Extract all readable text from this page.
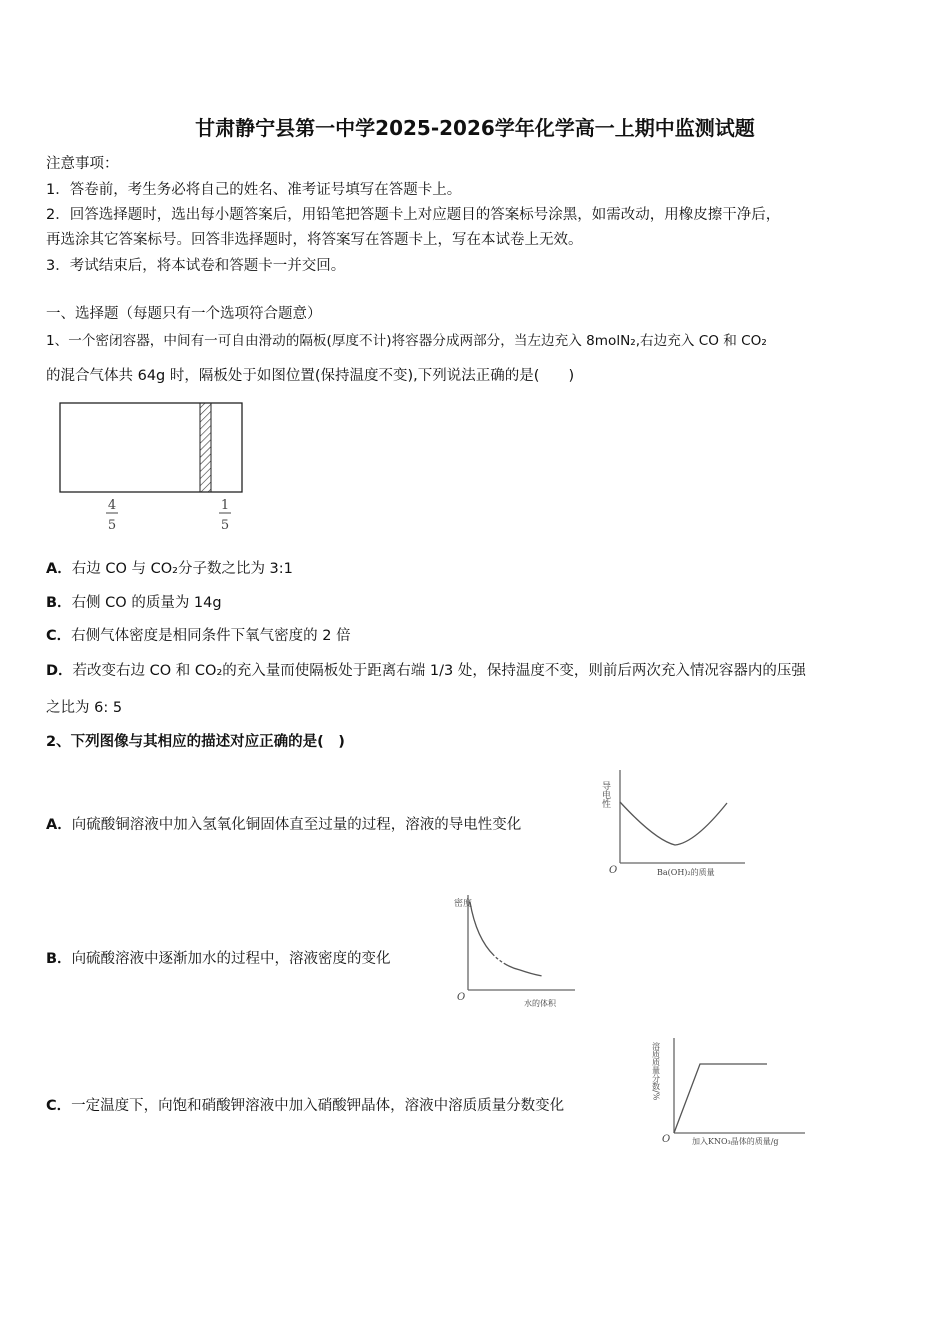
甘肃静宁县第一中学2025-2026学年化学高一上期中监测试题
注意事项：
1．答卷前，考生务必将自己的姓名、准考证号填写在答题卡上。
2．回答选择题时，选出每小题答案后，用铅笔把答题卡上对应题目的答案标号涂黑，如需改动，用橡皮擦干净后，
再选涂其它答案标号。回答非选择题时，将答案写在答题卡上，写在本试卷上无效。
3．考试结束后，将本试卷和答题卡一并交回。
一、选择题（每题只有一个选项符合题意）
1、一个密闭容器，中间有一可自由滑动的隔板(厚度不计)将容器分成两部分，当左边充入 8molN₂,右边充入 CO 和 CO₂
的混合气体共 64g 时，隔板处于如图位置(保持温度不变),下列说法正确的是(　　)
4
5
1
5
A．右边 CO 与 CO₂分子数之比为 3:1
B．右侧 CO 的质量为 14g
C．右侧气体密度是相同条件下氧气密度的 2 倍
D．若改变右边 CO 和 CO₂的充入量而使隔板处于距离右端 1/3 处，保持温度不变，则前后两次充入情况容器内的压强
之比为 6: 5
2、下列图像与其相应的描述对应正确的是(　)
A．向硫酸铜溶液中加入氢氧化铜固体直至过量的过程，溶液的导电性变化
导电性
O	Ba(OH)₂的质量
B．向硫酸溶液中逐渐加水的过程中，溶液密度的变化
密度
O
水的体积
C．一定温度下，向饱和硝酸钾溶液中加入硝酸钾晶体，溶液中溶质质量分数变化
溶质质量分数/%
O	加入KNO₃晶体的质量/g
